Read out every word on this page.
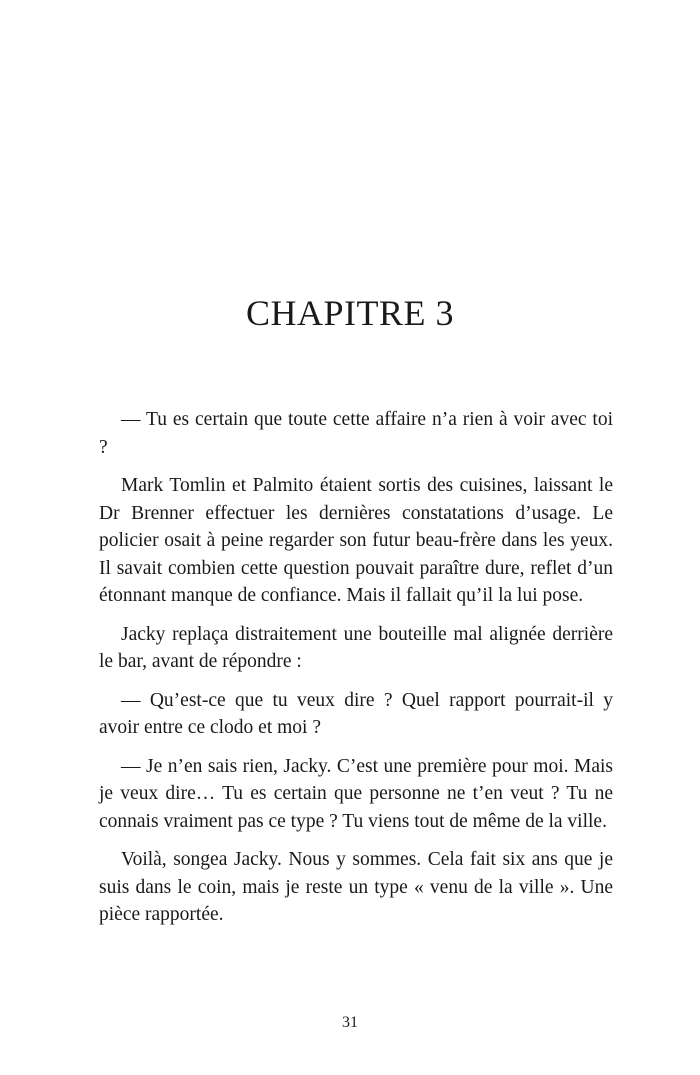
CHAPITRE 3

— Tu es certain que toute cette affaire n’a rien à voir avec toi ?

Mark Tomlin et Palmito étaient sortis des cuisines, laissant le Dr Brenner effectuer les dernières constatations d’usage. Le policier osait à peine regarder son futur beau-frère dans les yeux. Il savait combien cette question pouvait paraître dure, reflet d’un étonnant manque de confiance. Mais il fallait qu’il la lui pose.

Jacky replaça distraitement une bouteille mal alignée derrière le bar, avant de répondre :

— Qu’est-ce que tu veux dire ? Quel rapport pourrait-il y avoir entre ce clodo et moi ?

— Je n’en sais rien, Jacky. C’est une première pour moi. Mais je veux dire… Tu es certain que personne ne t’en veut ? Tu ne connais vraiment pas ce type ? Tu viens tout de même de la ville.

Voilà, songea Jacky. Nous y sommes. Cela fait six ans que je suis dans le coin, mais je reste un type « venu de la ville ». Une pièce rapportée.

31
